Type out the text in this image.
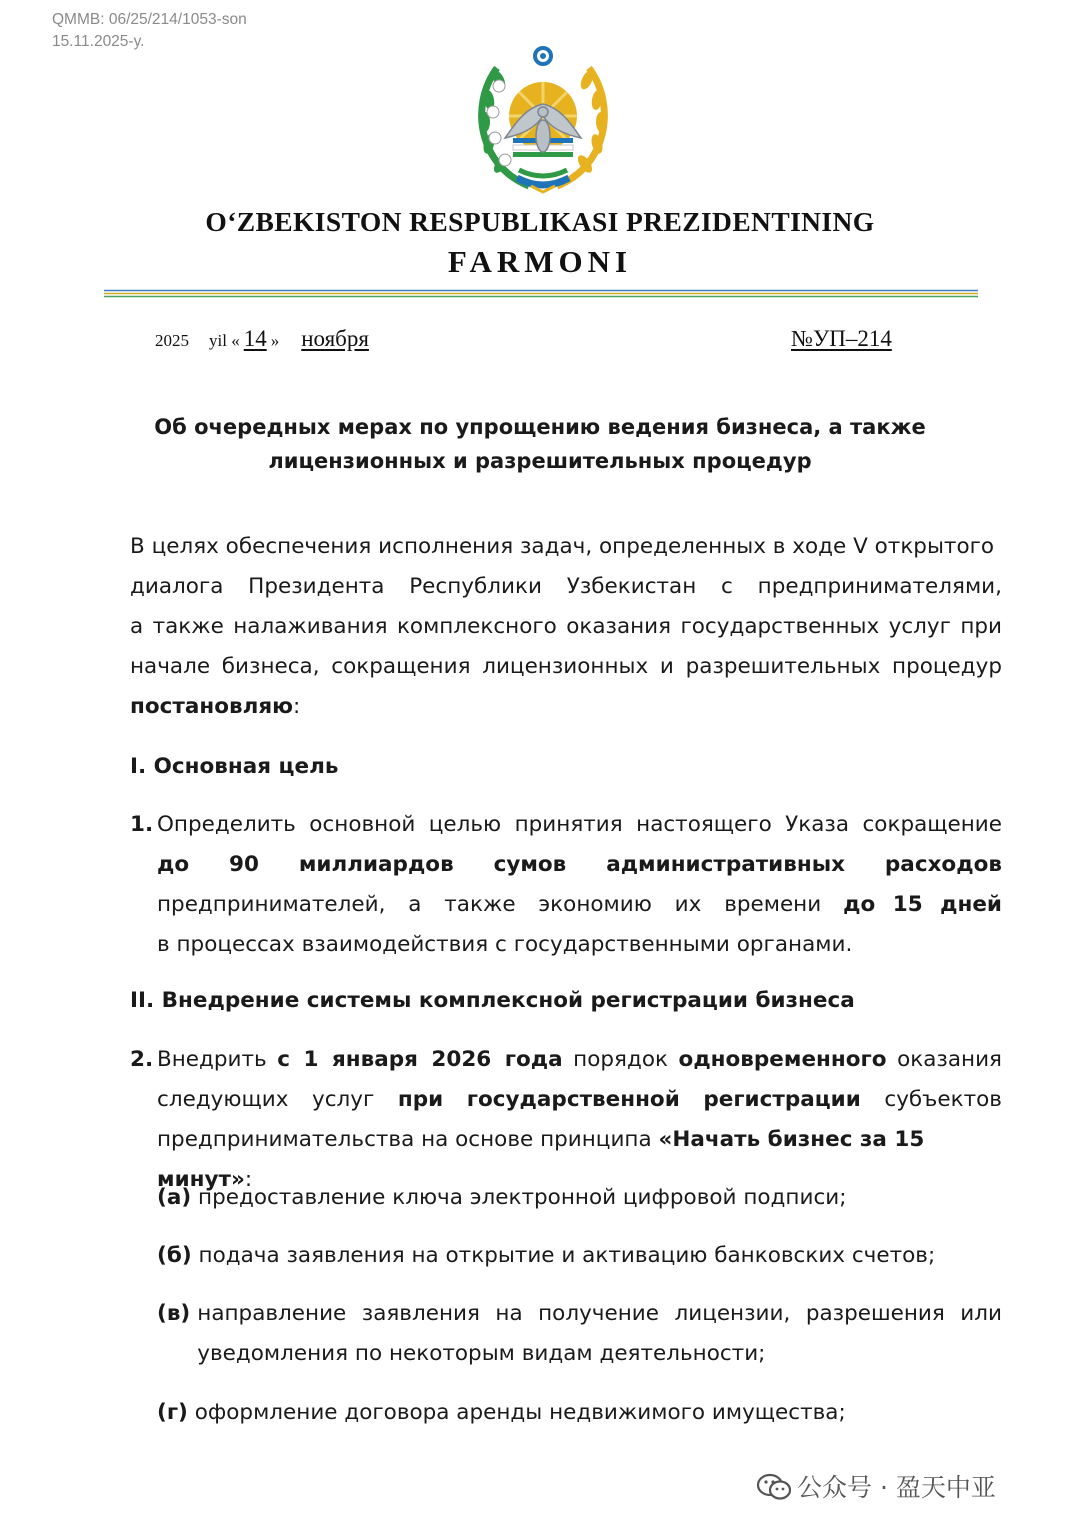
QMMB: 06/25/214/1053-son
15.11.2025-y.
O‘ZBEKISTON RESPUBLIKASI PREZIDENTINING
FARMONI
2025 yil « 14 » ноября	№УП–214
Об очередных мерах по упрощению ведения бизнеса, а также
лицензионных и разрешительных процедур
В целях обеспечения исполнения задач, определенных в ходе V открытого
диалога Президента Республики Узбекистан с предпринимателями,
а также налаживания комплексного оказания государственных услуг при
начале бизнеса, сокращения лицензионных и разрешительных процедур
постановляю:
I. Основная цель
1. Определить основной целью принятия настоящего Указа сокращение
до 90 миллиардов сумов административных расходов
предпринимателей, а также экономию их времени до 15 дней
в процессах взаимодействия с государственными органами.
II. Внедрение системы комплексной регистрации бизнеса
2. Внедрить с 1 января 2026 года порядок одновременного оказания
следующих услуг при государственной регистрации субъектов
предпринимательства на основе принципа «Начать бизнес за 15 минут»:
(а) предоставление ключа электронной цифровой подписи;
(б) подача заявления на открытие и активацию банковских счетов;
(в) направление заявления на получение лицензии, разрешения или
уведомления по некоторым видам деятельности;
(г) оформление договора аренды недвижимого имущества;
公众号 · 盈天中亚
